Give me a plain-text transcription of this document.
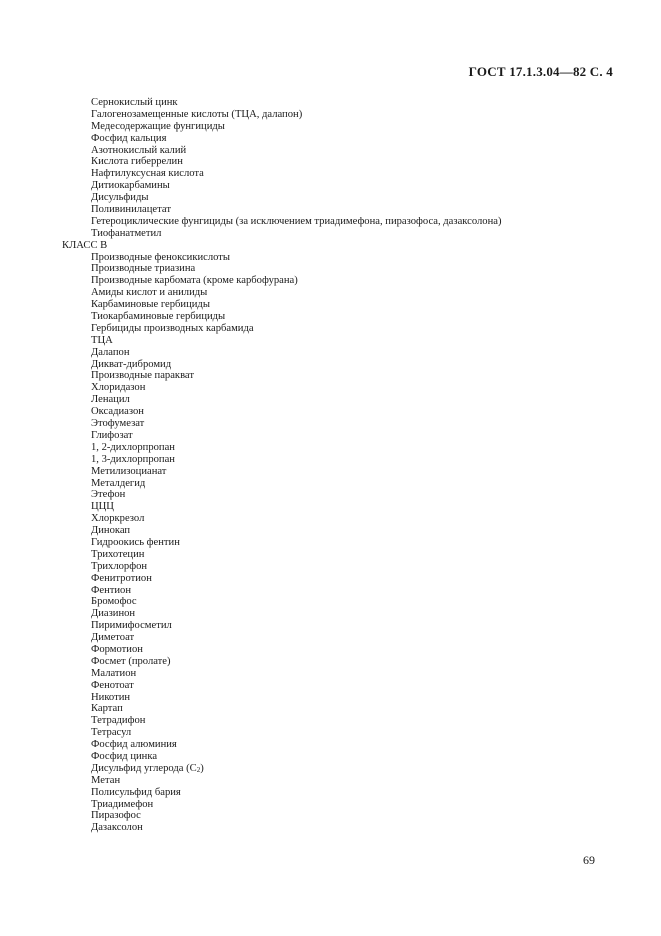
ГОСТ 17.1.3.04—82 С. 4
Сернокислый цинк
Галогенозамещенные кислоты (ТЦА, далапон)
Медесодержащие фунгициды
Фосфид кальция
Азотнокислый калий
Кислота гиберрелин
Нафтилуксусная кислота
Дитиокарбамины
Дисульфиды
Поливинилацетат
Гетероциклические фунгициды (за исключением триадимефона, пиразофоса, дазаксолона)
Тиофанатметил
КЛАСС В
Производные феноксикислоты
Производные триазина
Производные карбомата (кроме карбофурана)
Амиды кислот и анилиды
Карбаминовые гербициды
Тиокарбаминовые гербициды
Гербициды производных карбамида
ТЦА
Далапон
Дикват-дибромид
Производные паракват
Хлоридазон
Ленацил
Оксадиазон
Этофумезат
Глифозат
1, 2-дихлорпропан
1, 3-дихлорпропан
Метилизоцианат
Металдегид
Этефон
ЦЦЦ
Хлоркрезол
Динокап
Гидроокись фентин
Трихотецин
Трихлорфон
Фенитротион
Фентион
Бромофос
Диазинон
Пиримифосметил
Диметоат
Формотион
Фосмет (пролате)
Малатион
Фенотоат
Никотин
Картап
Тетрадифон
Тетрасул
Фосфид алюминия
Фосфид цинка
Дисульфид углерода (С2)
Метан
Полисульфид бария
Триадимефон
Пиразофос
Дазаксолон
69
